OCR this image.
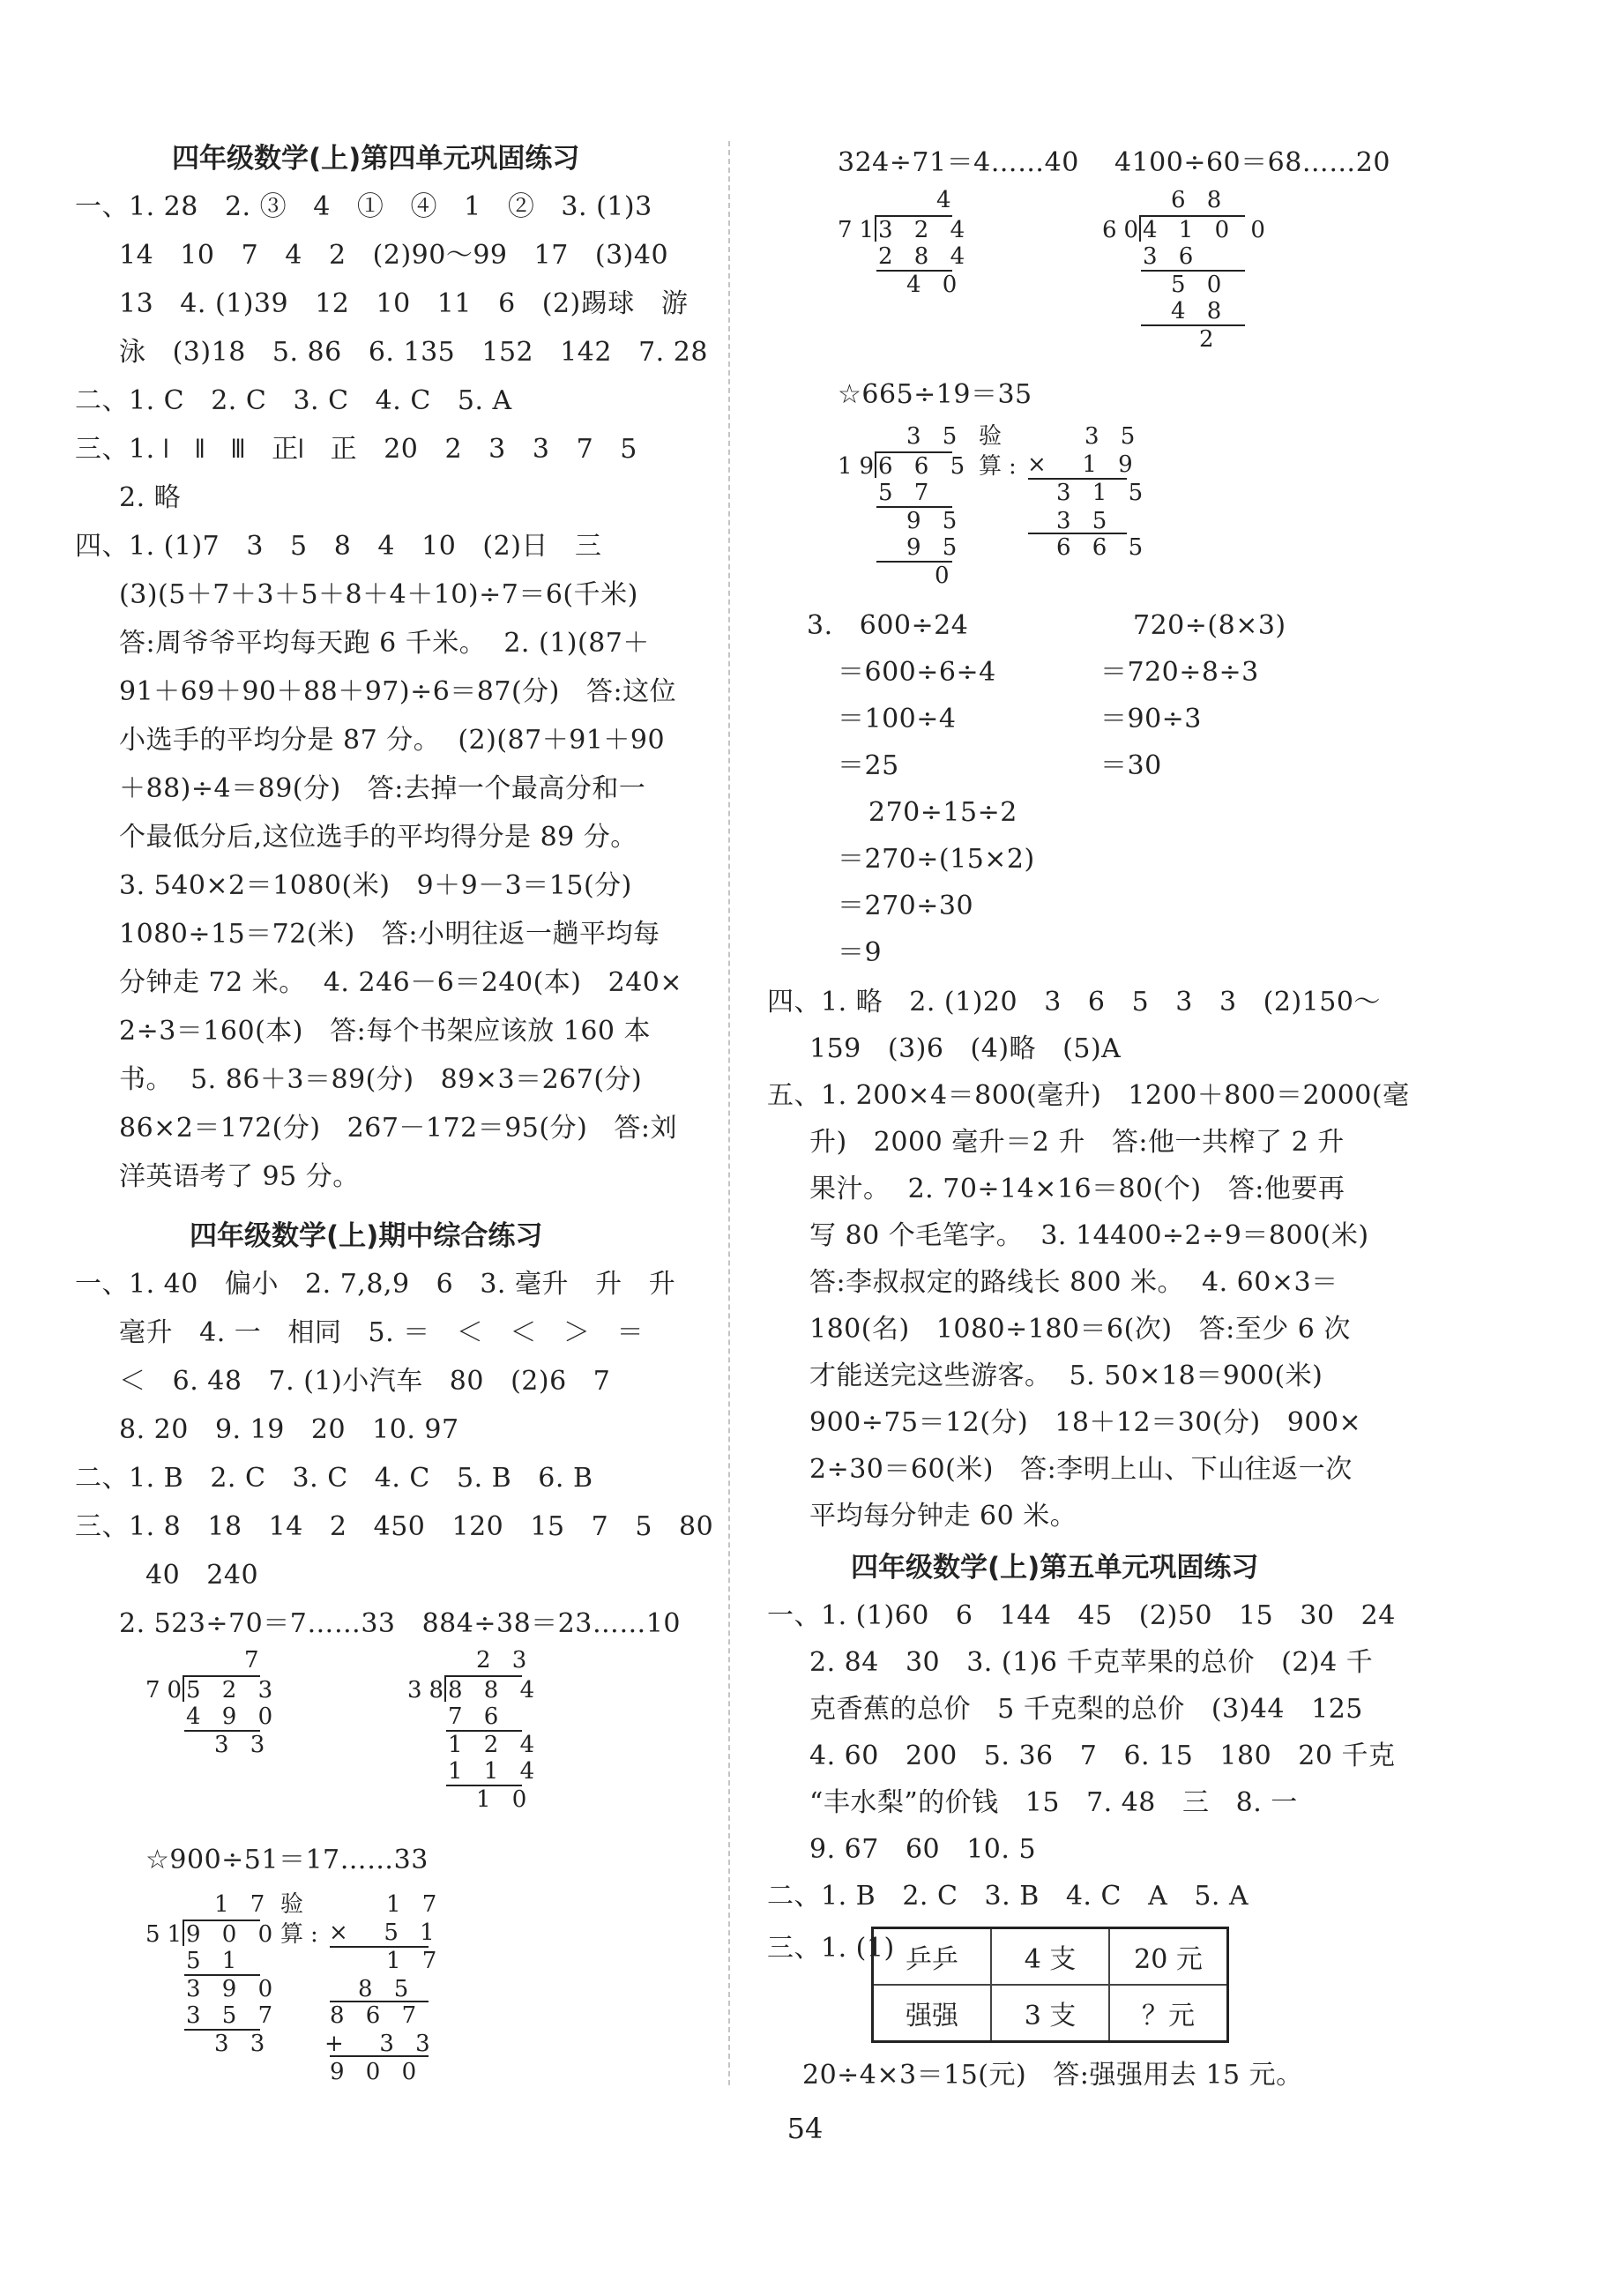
四年级数学(上)第四单元巩固练习
一、1. 28   2. ③   4   ①   ④   1   ②   3. (1)3
14   10   7   4   2   (2)90～99   17   (3)40
13   4. (1)39   12   10   11   6   (2)踢球   游
泳   (3)18   5. 86   6. 135   152   142   7. 28
二、1. C   2. C   3. C   4. C   5. A
三、1. 𝍩   𝍪   𝍫   正𝍩   正   20   2   3   3   7   5
2. 略
四、1. (1)7   3   5   8   4   10   (2)日   三
(3)(5＋7＋3＋5＋8＋4＋10)÷7＝6(千米)
答:周爷爷平均每天跑 6 千米。  2. (1)(87＋
91＋69＋90＋88＋97)÷6＝87(分)   答:这位
小选手的平均分是 87 分。  (2)(87＋91＋90
＋88)÷4＝89(分)   答:去掉一个最高分和一
个最低分后,这位选手的平均得分是 89 分。
3. 540×2＝1080(米)   9＋9－3＝15(分)
1080÷15＝72(米)   答:小明往返一趟平均每
分钟走 72 米。  4. 246－6＝240(本)   240×
2÷3＝160(本)   答:每个书架应该放 160 本
书。  5. 86＋3＝89(分)   89×3＝267(分)
86×2＝172(分)   267－172＝95(分)   答:刘
洋英语考了 95 分。
四年级数学(上)期中综合练习
一、1. 40   偏小   2. 7,8,9   6   3. 毫升   升   升
毫升   4. 一   相同   5. ＝   ＜   ＜   ＞   ＝
＜   6. 48   7. (1)小汽车   80   (2)6   7
8. 20   9. 19   20   10. 97
二、1. B   2. C   3. C   4. C   5. B   6. B
三、1. 8   18   14   2   450   120   15   7   5   80
40   240
2. 523÷70＝7……33   884÷38＝23……10
7
70
5 2 3
4 9 0
3 3
2 3
38
8 8 4
7 6
1 2 4
1 1 4
1 0
☆900÷51＝17……33
1 7
51
9 0 0
5 1
3 9 0
3 5 7
3 3
验
算:
1 7
×  5 1
1 7
8 5
8 6 7
+  3 3
9 0 0
324÷71＝4……40    4100÷60＝68……20
4
71
3 2 4
2 8 4
4 0
6 8
60
4 1 0 0
3 6
5 0
4 8
2
☆665÷19＝35
3 5
19
6 6 5
5 7
9 5
9 5
0
验
算:
3 5
×  1 9
3 1 5
3 5
6 6 5
3.   600÷24
＝600÷6÷4
＝100÷4
＝25
720÷(8×3)
＝720÷8÷3
＝90÷3
＝30
270÷15÷2
＝270÷(15×2)
＝270÷30
＝9
四、1. 略   2. (1)20   3   6   5   3   3   (2)150～
159   (3)6   (4)略   (5)A
五、1. 200×4＝800(毫升)   1200＋800＝2000(毫
升)   2000 毫升＝2 升   答:他一共榨了 2 升
果汁。  2. 70÷14×16＝80(个)   答:他要再
写 80 个毛笔字。  3. 14400÷2÷9＝800(米)
答:李叔叔定的路线长 800 米。  4. 60×3＝
180(名)   1080÷180＝6(次)   答:至少 6 次
才能送完这些游客。  5. 50×18＝900(米)
900÷75＝12(分)   18＋12＝30(分)   900×
2÷30＝60(米)   答:李明上山、下山往返一次
平均每分钟走 60 米。
四年级数学(上)第五单元巩固练习
一、1. (1)60   6   144   45   (2)50   15   30   24
2. 84   30   3. (1)6 千克苹果的总价   (2)4 千
克香蕉的总价   5 千克梨的总价   (3)44   125
4. 60   200   5. 36   7   6. 15   180   20 千克
“丰水梨”的价钱   15   7. 48   三   8. 一
9. 67   60   10. 5
二、1. B   2. C   3. B   4. C   A   5. A
三、1. (1)
20÷4×3＝15(元)   答:强强用去 15 元。
乒乒	4 支	20 元
强强	3 支	？元
54
